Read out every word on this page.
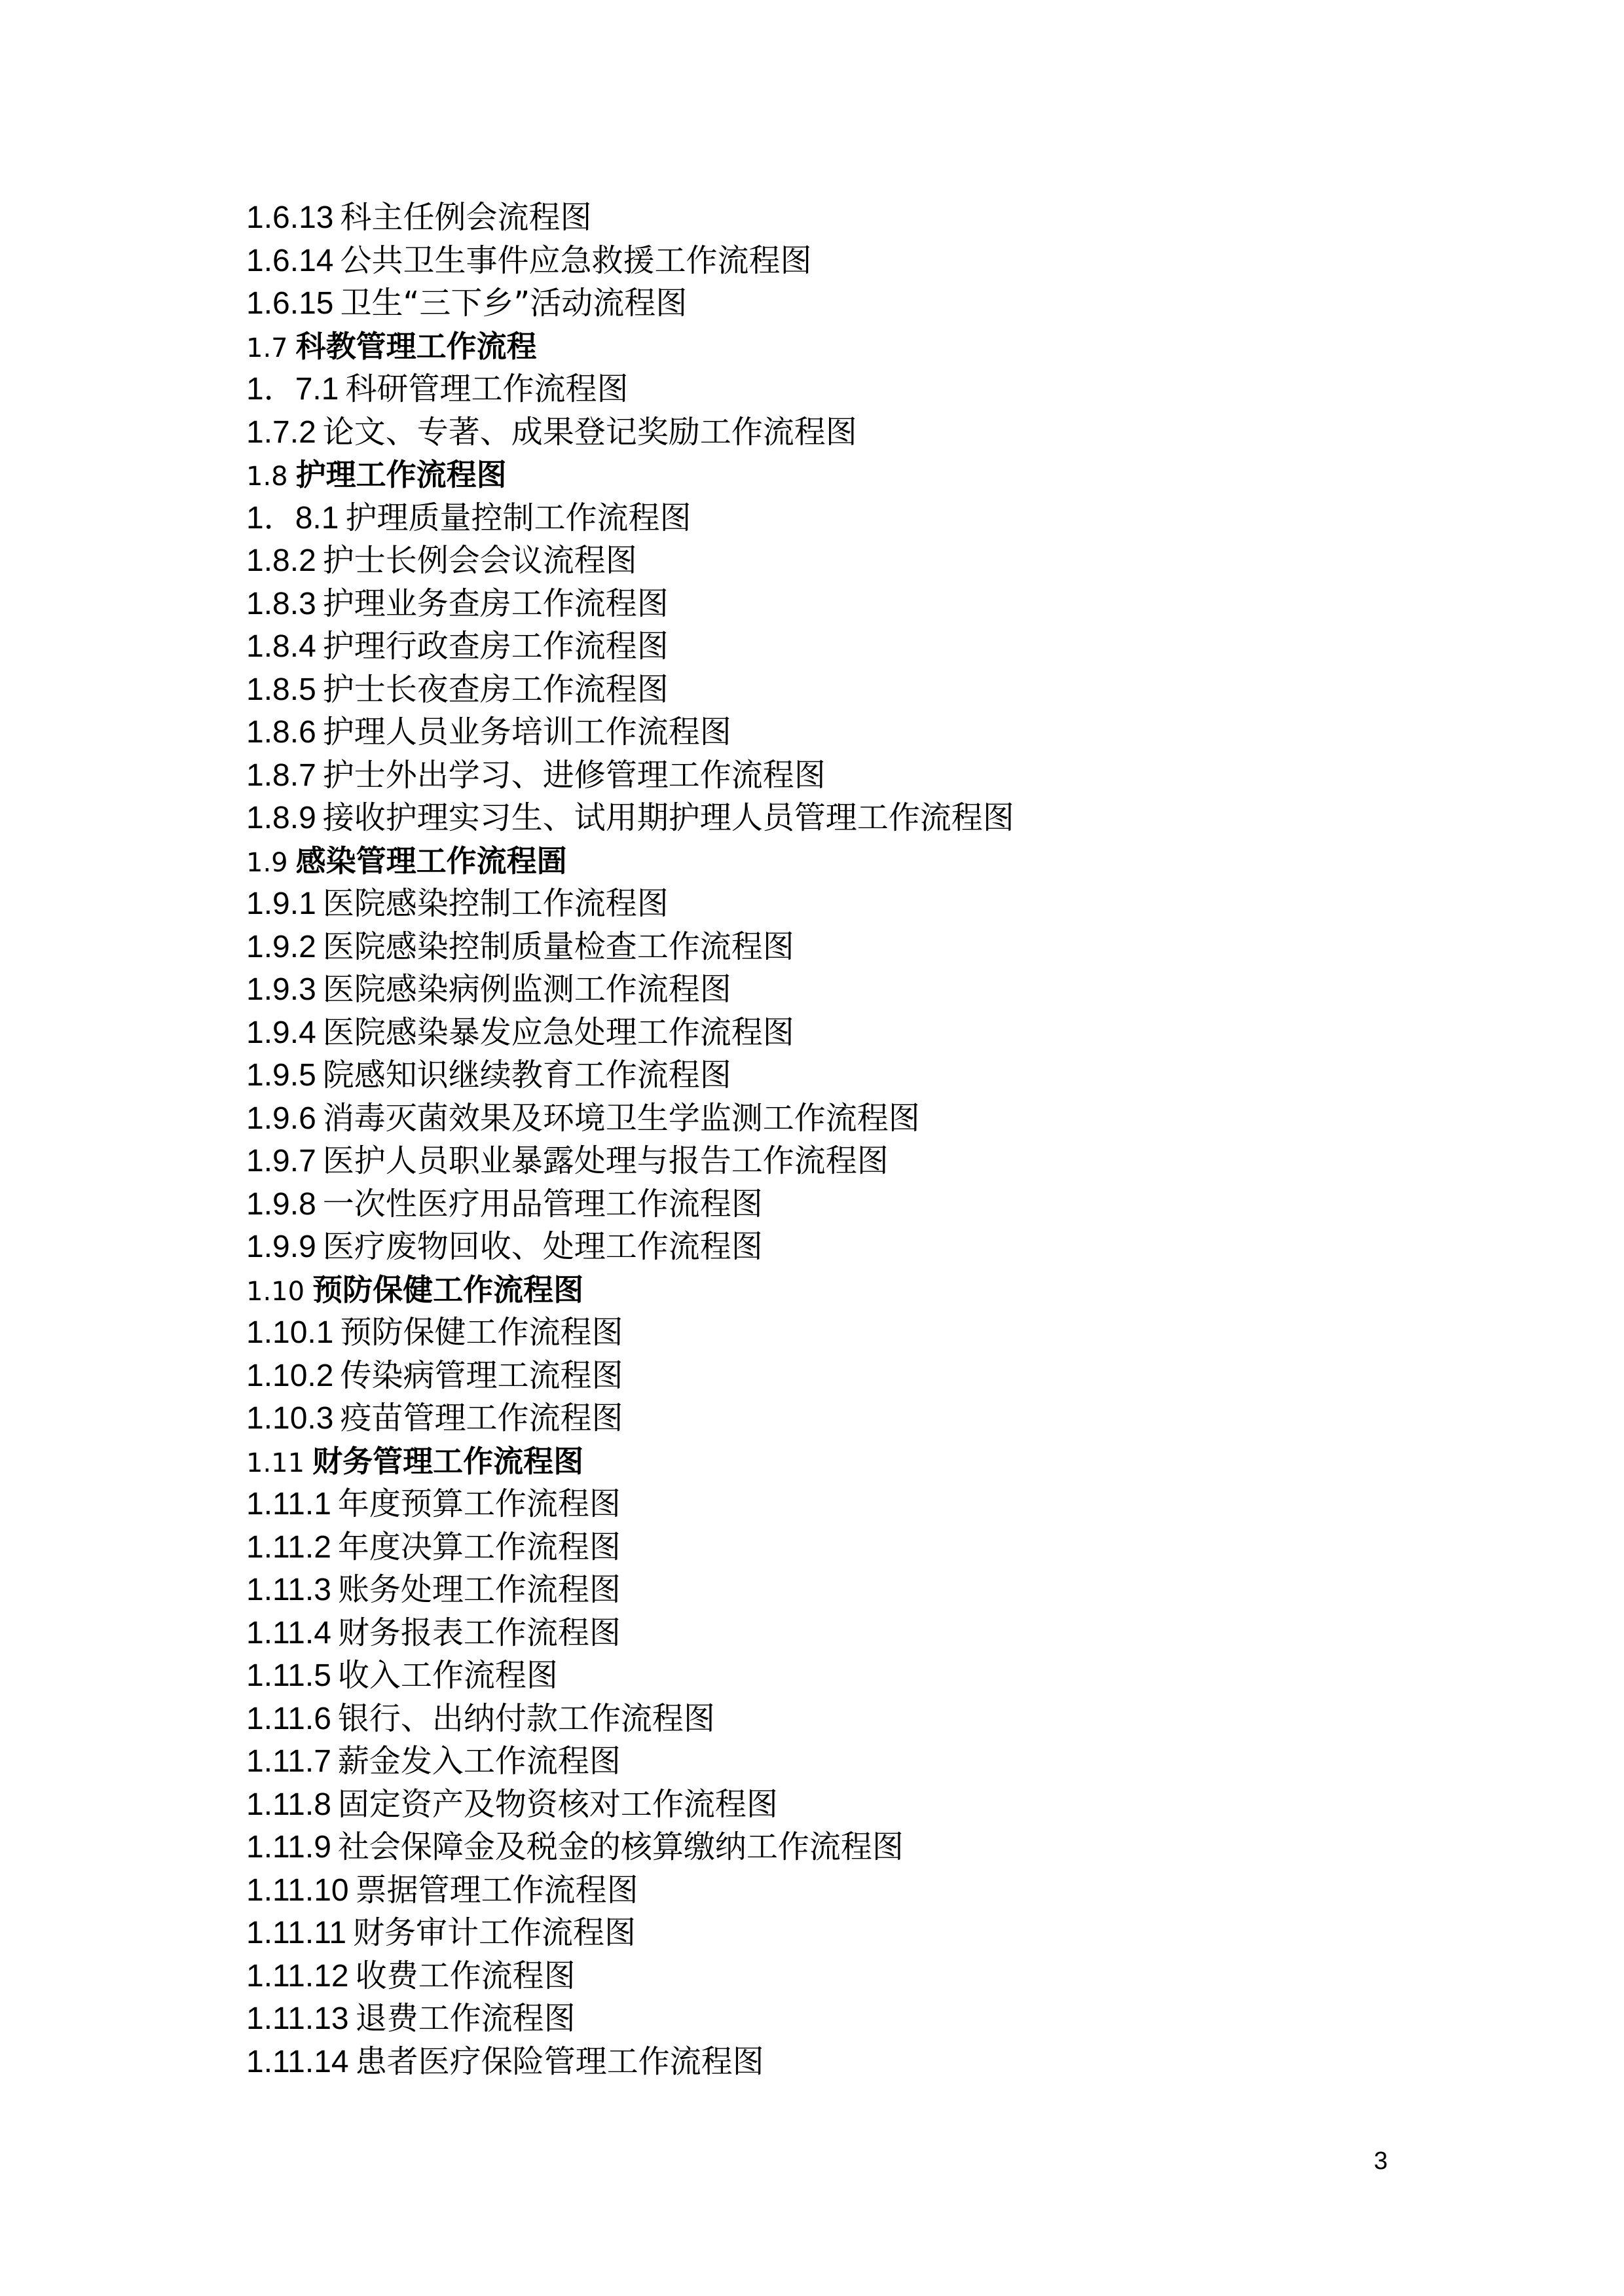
1.6.13 科主任例会流程图
1.6.14 公共卫生事件应急救援工作流程图
1.6.15 卫生“三下乡”活动流程图
1.7 科教管理工作流程
1．7.1 科研管理工作流程图
1.7.2 论文、专著、成果登记奖励工作流程图
1.8 护理工作流程图
1．8.1 护理质量控制工作流程图
1.8.2 护士长例会会议流程图
1.8.3 护理业务查房工作流程图
1.8.4 护理行政查房工作流程图
1.8.5 护士长夜查房工作流程图
1.8.6 护理人员业务培训工作流程图
1.8.7 护士外出学习、进修管理工作流程图
1.8.9 接收护理实习生、试用期护理人员管理工作流程图
1.9 感染管理工作流程圄
1.9.1 医院感染控制工作流程图
1.9.2 医院感染控制质量检查工作流程图
1.9.3 医院感染病例监测工作流程图
1.9.4 医院感染暴发应急处理工作流程图
1.9.5 院感知识继续教育工作流程图
1.9.6 消毒灭菌效果及环境卫生学监测工作流程图
1.9.7 医护人员职业暴露处理与报告工作流程图
1.9.8 一次性医疗用品管理工作流程图
1.9.9 医疗废物回收、处理工作流程图
1.10 预防保健工作流程图
1.10.1 预防保健工作流程图
1.10.2 传染病管理工流程图
1.10.3 疫苗管理工作流程图
1.11 财务管理工作流程图
1.11.1 年度预算工作流程图
1.11.2 年度决算工作流程图
1.11.3 账务处理工作流程图
1.11.4 财务报表工作流程图
1.11.5 收入工作流程图
1.11.6 银行、出纳付款工作流程图
1.11.7 薪金发入工作流程图
1.11.8 固定资产及物资核对工作流程图
1.11.9 社会保障金及税金的核算缴纳工作流程图
1.11.10 票据管理工作流程图
1.11.11 财务审计工作流程图
1.11.12 收费工作流程图
1.11.13 退费工作流程图
1.11.14 患者医疗保险管理工作流程图
3
